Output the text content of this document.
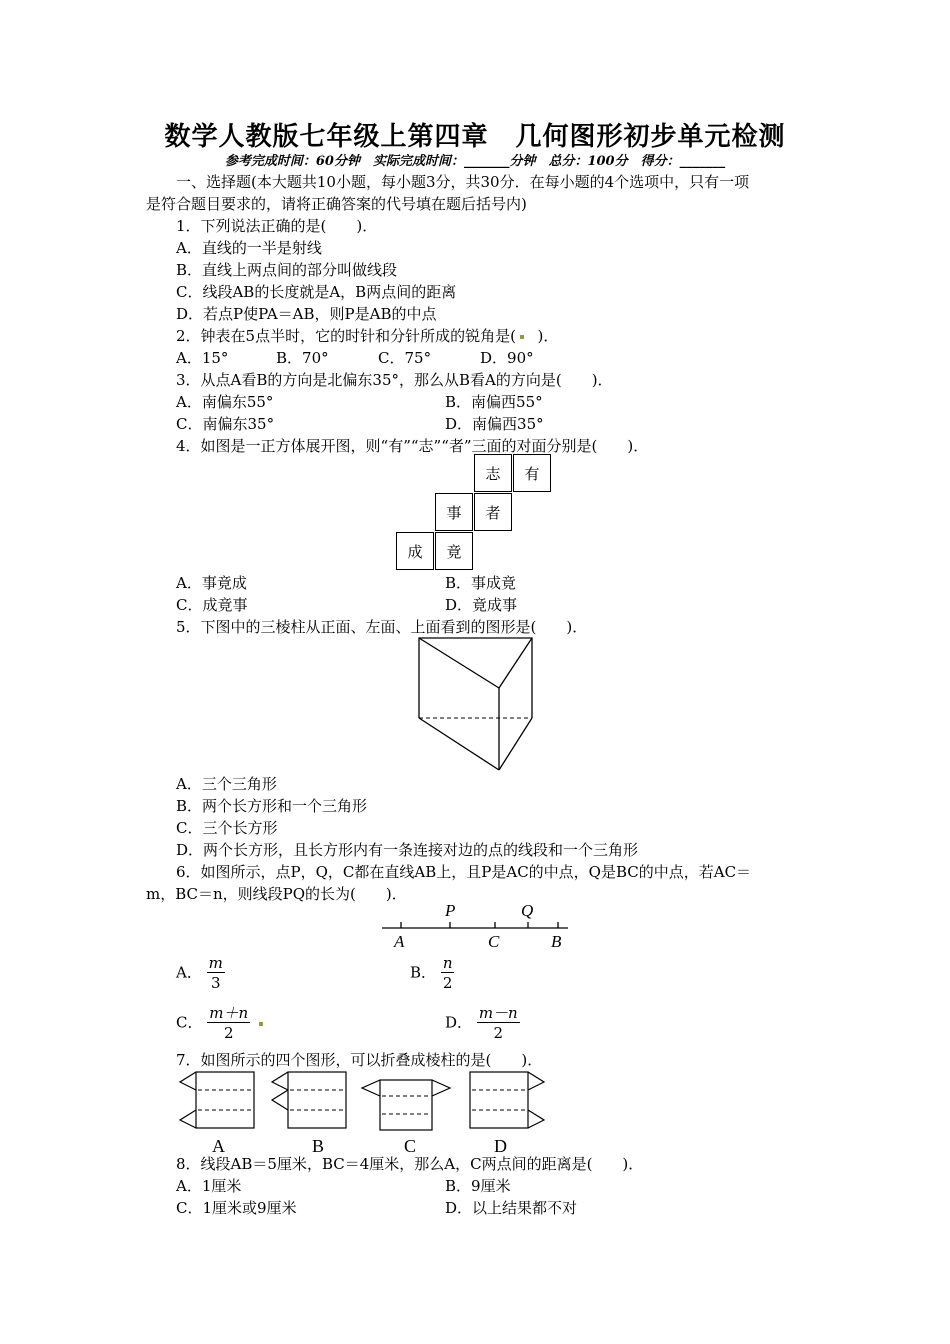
数学人教版七年级上第四章　几何图形初步单元检测
参考完成时间：60分钟　实际完成时间：_______分钟　总分：100分　得分：_______
一、选择题(本大题共10小题，每小题3分，共30分．在每小题的4个选项中，只有一项
是符合题目要求的，请将正确答案的代号填在题后括号内)
1．下列说法正确的是(　　)．
A．直线的一半是射线
B．直线上两点间的部分叫做线段
C．线段AB的长度就是A，B两点间的距离
D．若点P使PA＝AB，则P是AB的中点
2．钟表在5点半时，它的时针和分针所成的锐角是( )．
A．15°	B．70°	C．75°	D．90°
3．从点A看B的方向是北偏东35°，那么从B看A的方向是(　　)．
A．南偏东55°	B．南偏西55°
C．南偏东35°	D．南偏西35°
4．如图是一正方体展开图，则“有”“志”“者”三面的对面分别是(　　)．
志	有
事	者
成	竟
A．事竟成	B．事成竟
C．成竟事	D．竟成事
5．下图中的三棱柱从正面、左面、上面看到的图形是(　　)．
A．三个三角形
B．两个长方形和一个三角形
C．三个长方形
D．两个长方形，且长方形内有一条连接对边的点的线段和一个三角形
6．如图所示，点P，Q，C都在直线AB上，且P是AC的中点，Q是BC的中点，若AC＝
m，BC＝n，则线段PQ的长为(　　)．
P	Q
A	C	B
A． $\frac{m}{3}$	B． $\frac{n}{2}$
C． $\frac{m+n}{2}$
	D． $\frac{m-n}{2}$
7．如图所示的四个图形，可以折叠成棱柱的是(　　)．
A	B	C	D
8．线段AB＝5厘米，BC＝4厘米，那么A，C两点间的距离是(　　)．
A．1厘米	B．9厘米
C．1厘米或9厘米	D．以上结果都不对
